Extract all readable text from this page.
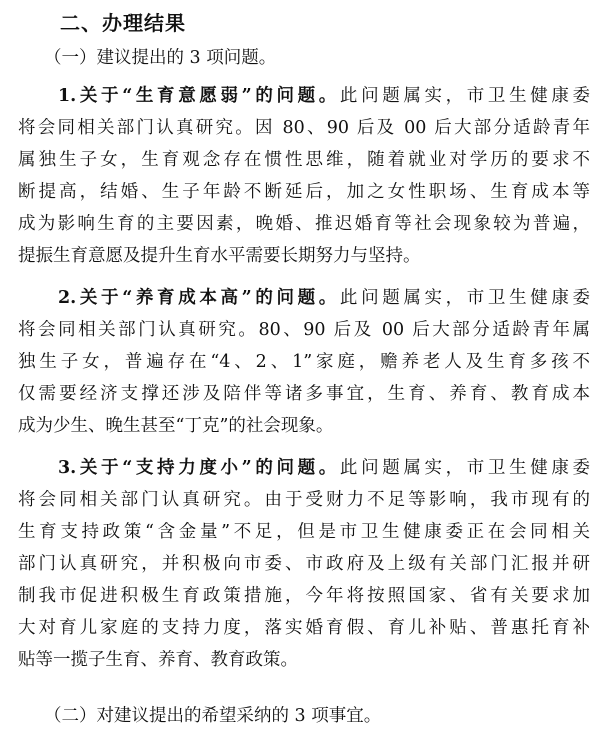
二、办理结果
（一）建议提出的 3 项问题。
1.关于“生育意愿弱”的问题。此问题属实，市卫生健康委
将会同相关部门认真研究。因 80、90 后及 00 后大部分适龄青年
属独生子女，生育观念存在惯性思维，随着就业对学历的要求不
断提高，结婚、生子年龄不断延后，加之女性职场、生育成本等
成为影响生育的主要因素，晚婚、推迟婚育等社会现象较为普遍，
提振生育意愿及提升生育水平需要长期努力与坚持。
2.关于“养育成本高”的问题。此问题属实，市卫生健康委
将会同相关部门认真研究。80、90 后及 00 后大部分适龄青年属
独生子女，普遍存在“4、2、1”家庭，赡养老人及生育多孩不
仅需要经济支撑还涉及陪伴等诸多事宜，生育、养育、教育成本
成为少生、晚生甚至“丁克”的社会现象。
3.关于“支持力度小”的问题。此问题属实，市卫生健康委
将会同相关部门认真研究。由于受财力不足等影响，我市现有的
生育支持政策“含金量”不足，但是市卫生健康委正在会同相关
部门认真研究，并积极向市委、市政府及上级有关部门汇报并研
制我市促进积极生育政策措施，今年将按照国家、省有关要求加
大对育儿家庭的支持力度，落实婚育假、育儿补贴、普惠托育补
贴等一揽子生育、养育、教育政策。
（二）对建议提出的希望采纳的 3 项事宜。
